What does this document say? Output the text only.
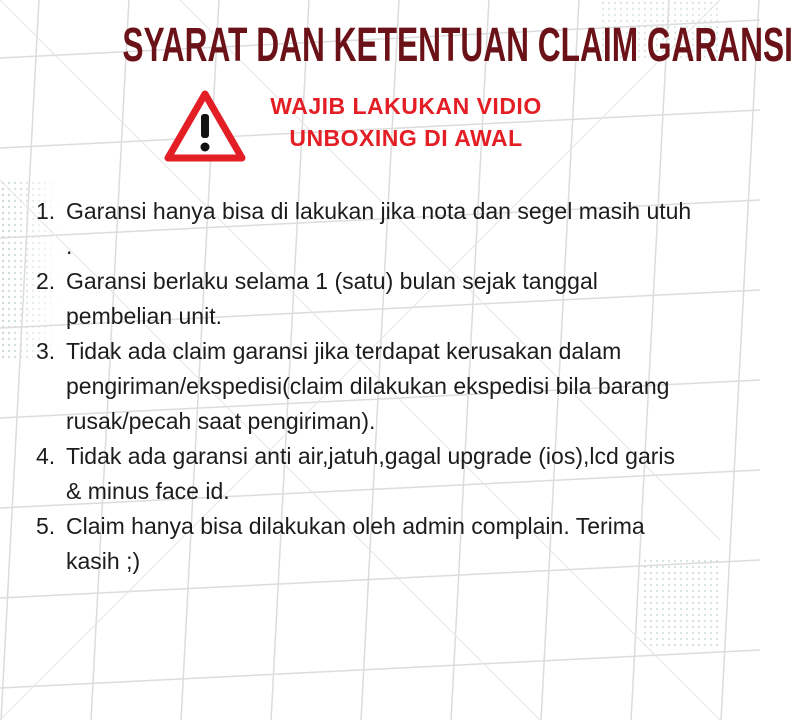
SYARAT DAN KETENTUAN CLAIM GARANSI
WAJIB LAKUKAN VIDIO
UNBOXING DI AWAL
1. Garansi hanya bisa di lakukan jika nota dan segel masih utuh .
2. Garansi berlaku selama 1 (satu) bulan sejak tanggal pembelian unit.
3. Tidak ada claim garansi jika terdapat kerusakan dalam pengiriman/ekspedisi(claim dilakukan ekspedisi bila barang rusak/pecah saat pengiriman).
4. Tidak ada garansi anti air,jatuh,gagal upgrade (ios),lcd garis & minus face id.
5. Claim hanya bisa dilakukan oleh admin complain. Terima kasih ;)
